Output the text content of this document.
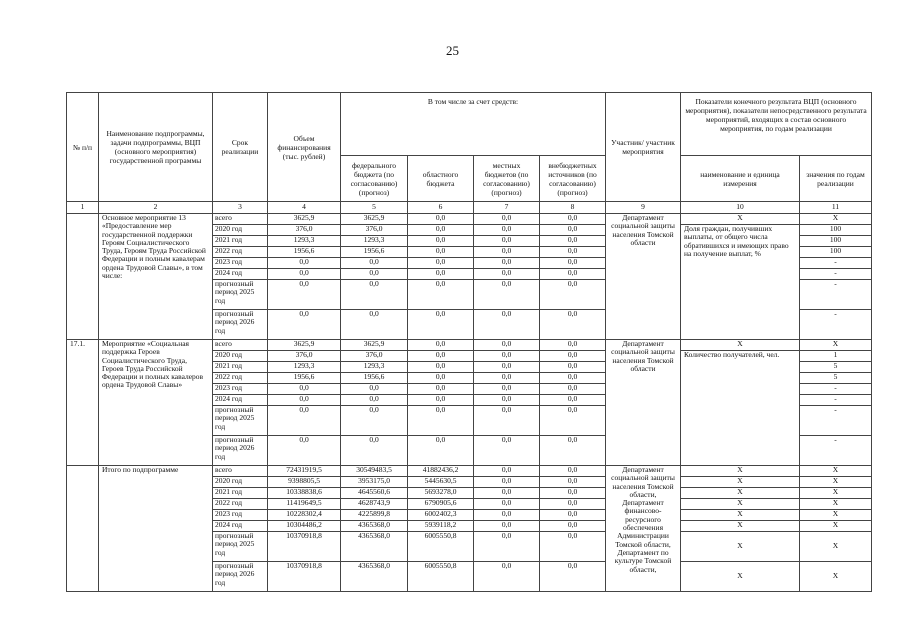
25
№ п/п	Наименование подпрограммы, задачи подпрограммы, ВЦП (основного мероприятия) государственной программы	Срок реализации	Объем финансирования (тыс. рублей)	В том числе за счет средств:				Участник/ участник мероприятия	Показатели конечного результата ВЦП (основного мероприятия), показатели непосредственного результата мероприятий, входящих в состав основного мероприятия, по годам реализации	
				федерального бюджета (по согласованию) (прогноз)	областного бюджета	местных бюджетов (по согласованию) (прогноз)	внебюджетных источников (по согласованию) (прогноз)		наименование и единица измерения	значения по годам реализации
1	2	3	4	5	6	7	8	9	10	11
	Основное мероприятие 13 «Предоставление мер государственной поддержки Героям Социалистического Труда, Героям Труда Российской Федерации и полным кавалерам ордена Трудовой Славы», в том числе:	всего	3625,9	3625,9	0,0	0,0	0,0	Департамент социальной защиты населения Томской области	X	X
		2020 год	376,0	376,0	0,0	0,0	0,0		Доля граждан, получивших выплаты, от общего числа обратившихся и имеющих право на получение выплат, %	100
		2021 год	1293,3	1293,3	0,0	0,0	0,0			100
		2022 год	1956,6	1956,6	0,0	0,0	0,0			100
		2023 год	0,0	0,0	0,0	0,0	0,0			-
		2024 год	0,0	0,0	0,0	0,0	0,0			-
		прогнозный период 2025 год	0,0	0,0	0,0	0,0	0,0			-
		прогнозный период 2026 год	0,0	0,0	0,0	0,0	0,0			-
17.1.	Мероприятие «Социальная поддержка Героев Социалистического Труда, Героев Труда Российской Федерации и полных кавалеров ордена Трудовой Славы»	всего	3625,9	3625,9	0,0	0,0	0,0	Департамент социальной защиты населения Томской области	X	X
		2020 год	376,0	376,0	0,0	0,0	0,0		Количество получателей, чел.	1
		2021 год	1293,3	1293,3	0,0	0,0	0,0			5
		2022 год	1956,6	1956,6	0,0	0,0	0,0			5
		2023 год	0,0	0,0	0,0	0,0	0,0			-
		2024 год	0,0	0,0	0,0	0,0	0,0			-
		прогнозный период 2025 год	0,0	0,0	0,0	0,0	0,0			-
		прогнозный период 2026 год	0,0	0,0	0,0	0,0	0,0			-
	Итого по подпрограмме	всего	72431919,5	30549483,5	41882436,2	0,0	0,0	Департамент социальной защиты населения Томской области, Департамент финансово-ресурсного обеспечения Администрации Томской области, Департамент по культуре Томской области,	X	X
		2020 год	9398805,5	3953175,0	5445630,5	0,0	0,0		X	X
		2021 год	10338838,6	4645560,6	5693278,0	0,0	0,0		X	X
		2022 год	11419649,5	4628743,9	6790905,6	0,0	0,0		X	X
		2023 год	10228302,4	4225899,8	6002402,3	0,0	0,0		X	X
		2024 год	10304486,2	4365368,0	5939118,2	0,0	0,0		X	X
		прогнозный период 2025 год	10370918,8	4365368,0	6005550,8	0,0	0,0		X	X
		прогнозный период 2026 год	10370918,8	4365368,0	6005550,8	0,0	0,0		X	X
